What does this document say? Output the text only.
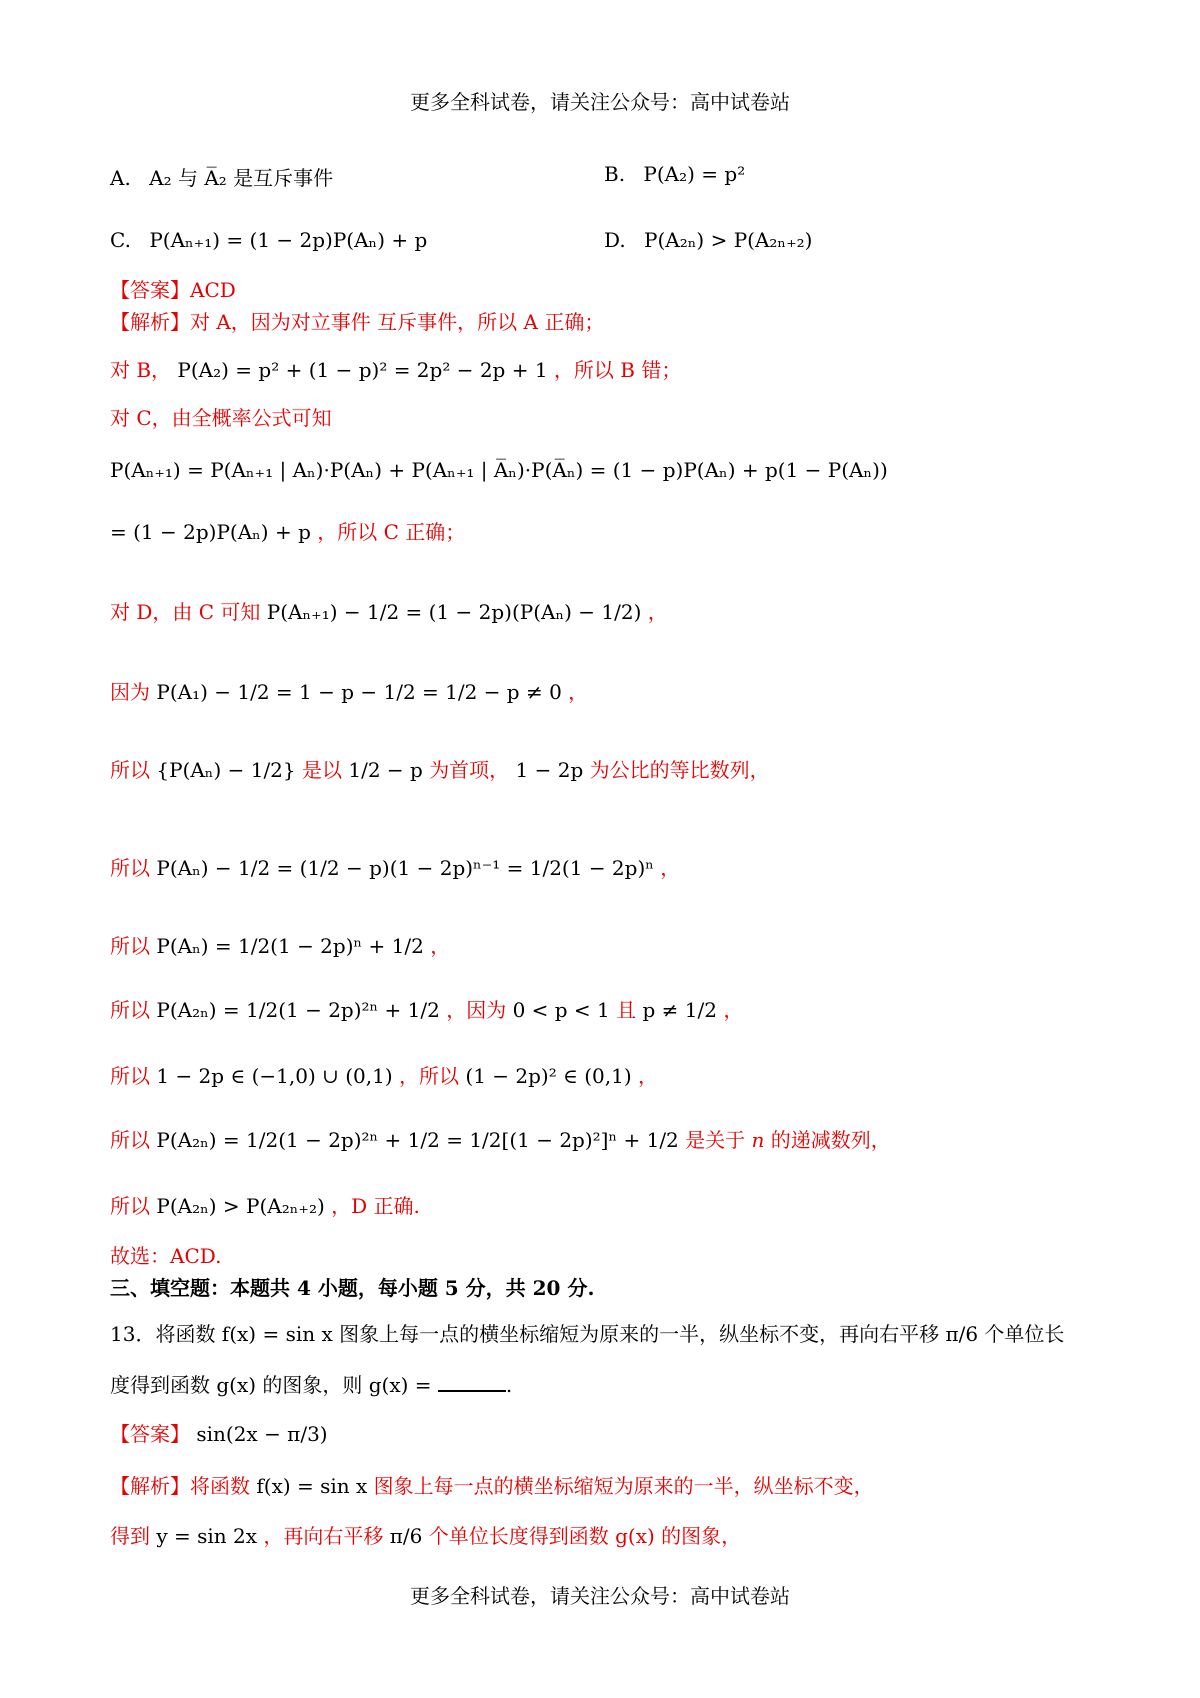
更多全科试卷，请关注公众号：高中试卷站
A. A₂ 与 A̅₂ 是互斥事件	B. P(A₂) = p²
C. P(Aₙ₊₁) = (1 − 2p)P(Aₙ) + p	D. P(A₂ₙ) > P(A₂ₙ₊₂)
【答案】ACD
【解析】对 A，因为对立事件 互斥事件，所以 A 正确；
对 B， P(A₂) = p² + (1 − p)² = 2p² − 2p + 1 ，所以 B 错；
对 C，由全概率公式可知
P(Aₙ₊₁) = P(Aₙ₊₁ | Aₙ)·P(Aₙ) + P(Aₙ₊₁ | A̅ₙ)·P(A̅ₙ) = (1 − p)P(Aₙ) + p(1 − P(Aₙ))
= (1 − 2p)P(Aₙ) + p ，所以 C 正确；
对 D，由 C 可知 P(Aₙ₊₁) − 1/2 = (1 − 2p)(P(Aₙ) − 1/2) ，
因为 P(A₁) − 1/2 = 1 − p − 1/2 = 1/2 − p ≠ 0 ，
所以 {P(Aₙ) − 1/2} 是以 1/2 − p 为首项， 1 − 2p 为公比的等比数列，
所以 P(Aₙ) − 1/2 = (1/2 − p)(1 − 2p)ⁿ⁻¹ = 1/2(1 − 2p)ⁿ ，
所以 P(Aₙ) = 1/2(1 − 2p)ⁿ + 1/2 ，
所以 P(A₂ₙ) = 1/2(1 − 2p)²ⁿ + 1/2 ，因为 0 < p < 1 且 p ≠ 1/2 ，
所以 1 − 2p ∈ (−1,0) ∪ (0,1) ，所以 (1 − 2p)² ∈ (0,1) ，
所以 P(A₂ₙ) = 1/2(1 − 2p)²ⁿ + 1/2 = 1/2[(1 − 2p)²]ⁿ + 1/2 是关于 n 的递减数列，
所以 P(A₂ₙ) > P(A₂ₙ₊₂) ，D 正确.
故选：ACD.
三、填空题：本题共 4 小题，每小题 5 分，共 20 分.
13．将函数 f(x) = sin x 图象上每一点的横坐标缩短为原来的一半，纵坐标不变，再向右平移 π/6 个单位长
度得到函数 g(x) 的图象，则 g(x) =	.
【答案】 sin(2x − π/3)
【解析】将函数 f(x) = sin x 图象上每一点的横坐标缩短为原来的一半，纵坐标不变，
得到 y = sin 2x ，再向右平移 π/6 个单位长度得到函数 g(x) 的图象，
更多全科试卷，请关注公众号：高中试卷站
